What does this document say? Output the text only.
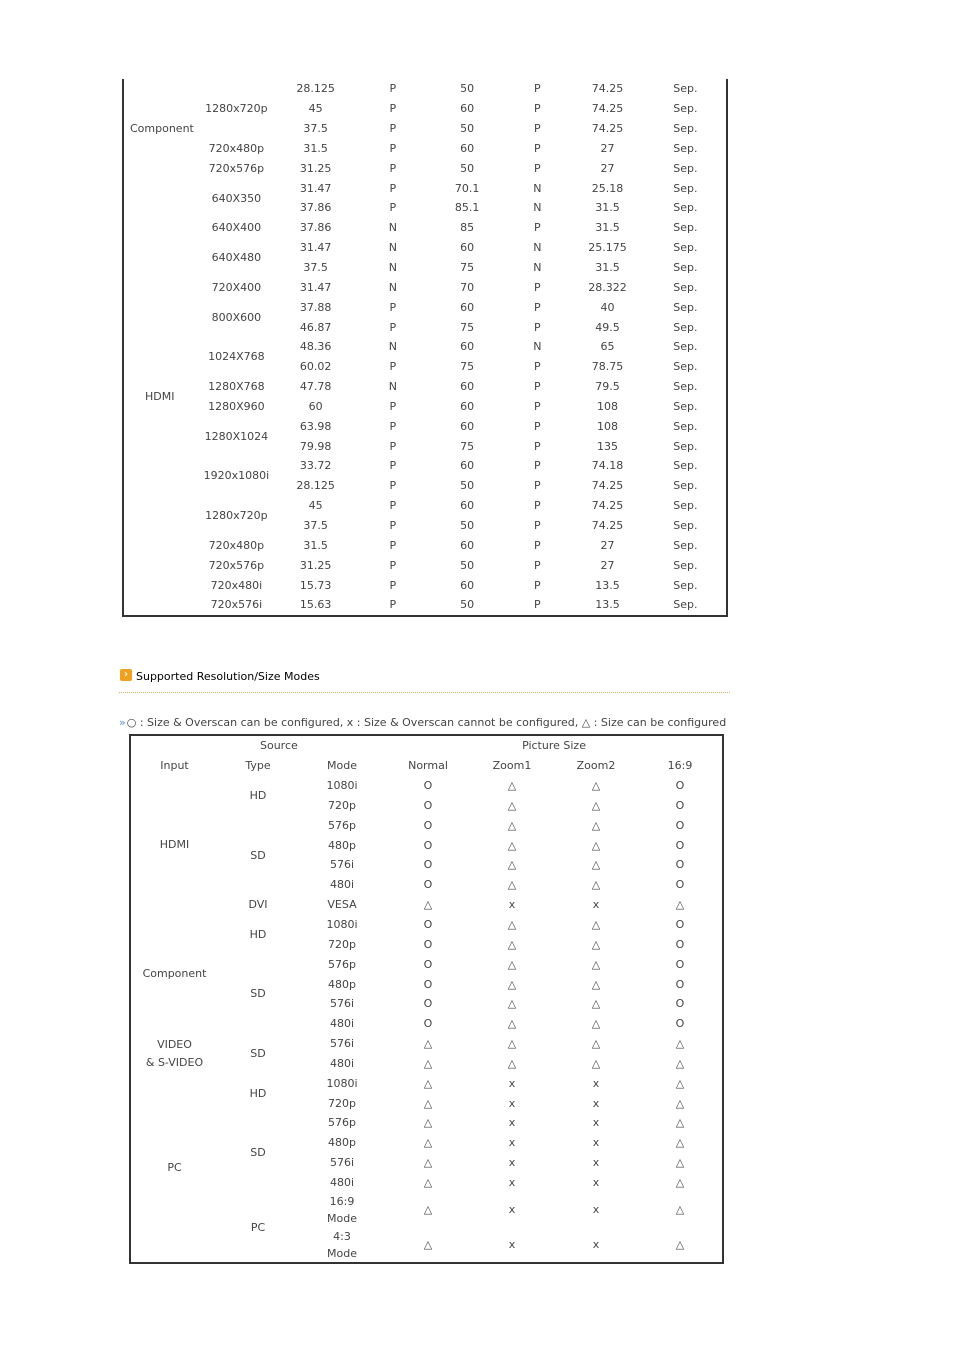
Component	1280x720p	28.125	P	50	P	74.25	Sep.
		45	P	60	P	74.25	Sep.
		37.5	P	50	P	74.25	Sep.
	720x480p	31.5	P	60	P	27	Sep.
	720x576p	31.25	P	50	P	27	Sep.
HDMI	640X350	31.47	P	70.1	N	25.18	Sep.
		37.86	P	85.1	N	31.5	Sep.
	640X400	37.86	N	85	P	31.5	Sep.
	640X480	31.47	N	60	N	25.175	Sep.
		37.5	N	75	N	31.5	Sep.
	720X400	31.47	N	70	P	28.322	Sep.
	800X600	37.88	P	60	P	40	Sep.
		46.87	P	75	P	49.5	Sep.
	1024X768	48.36	N	60	N	65	Sep.
		60.02	P	75	P	78.75	Sep.
	1280X768	47.78	N	60	P	79.5	Sep.
	1280X960	60	P	60	P	108	Sep.
	1280X1024	63.98	P	60	P	108	Sep.
		79.98	P	75	P	135	Sep.
	1920x1080i	33.72	P	60	P	74.18	Sep.
		28.125	P	50	P	74.25	Sep.
	1280x720p	45	P	60	P	74.25	Sep.
		37.5	P	50	P	74.25	Sep.
	720x480p	31.5	P	60	P	27	Sep.
	720x576p	31.25	P	50	P	27	Sep.
	720x480i	15.73	P	60	P	13.5	Sep.
	720x576i	15.63	P	50	P	13.5	Sep.
› Supported Resolution/Size Modes
»○ : Size & Overscan can be configured, x : Size & Overscan cannot be configured, △ : Size can be configured
	Source		Picture Size			
Input	Type	Mode	Normal	Zoom1	Zoom2	16:9
HDMI	HD	1080i	O	△	△	O
		720p	O	△	△	O
	SD	576p	O	△	△	O
		480p	O	△	△	O
		576i	O	△	△	O
		480i	O	△	△	O
	DVI	VESA	△	x	x	△
Component	HD	1080i	O	△	△	O
		720p	O	△	△	O
	SD	576p	O	△	△	O
		480p	O	△	△	O
		576i	O	△	△	O
		480i	O	△	△	O
VIDEO
& S-VIDEO	SD	576i	△	△	△	△
		480i	△	△	△	△
PC	HD	1080i	△	x	x	△
		720p	△	x	x	△
	SD	576p	△	x	x	△
		480p	△	x	x	△
		576i	△	x	x	△
		480i	△	x	x	△
	PC	16:9
Mode	△	x	x	△
		4:3
Mode	△	x	x	△
